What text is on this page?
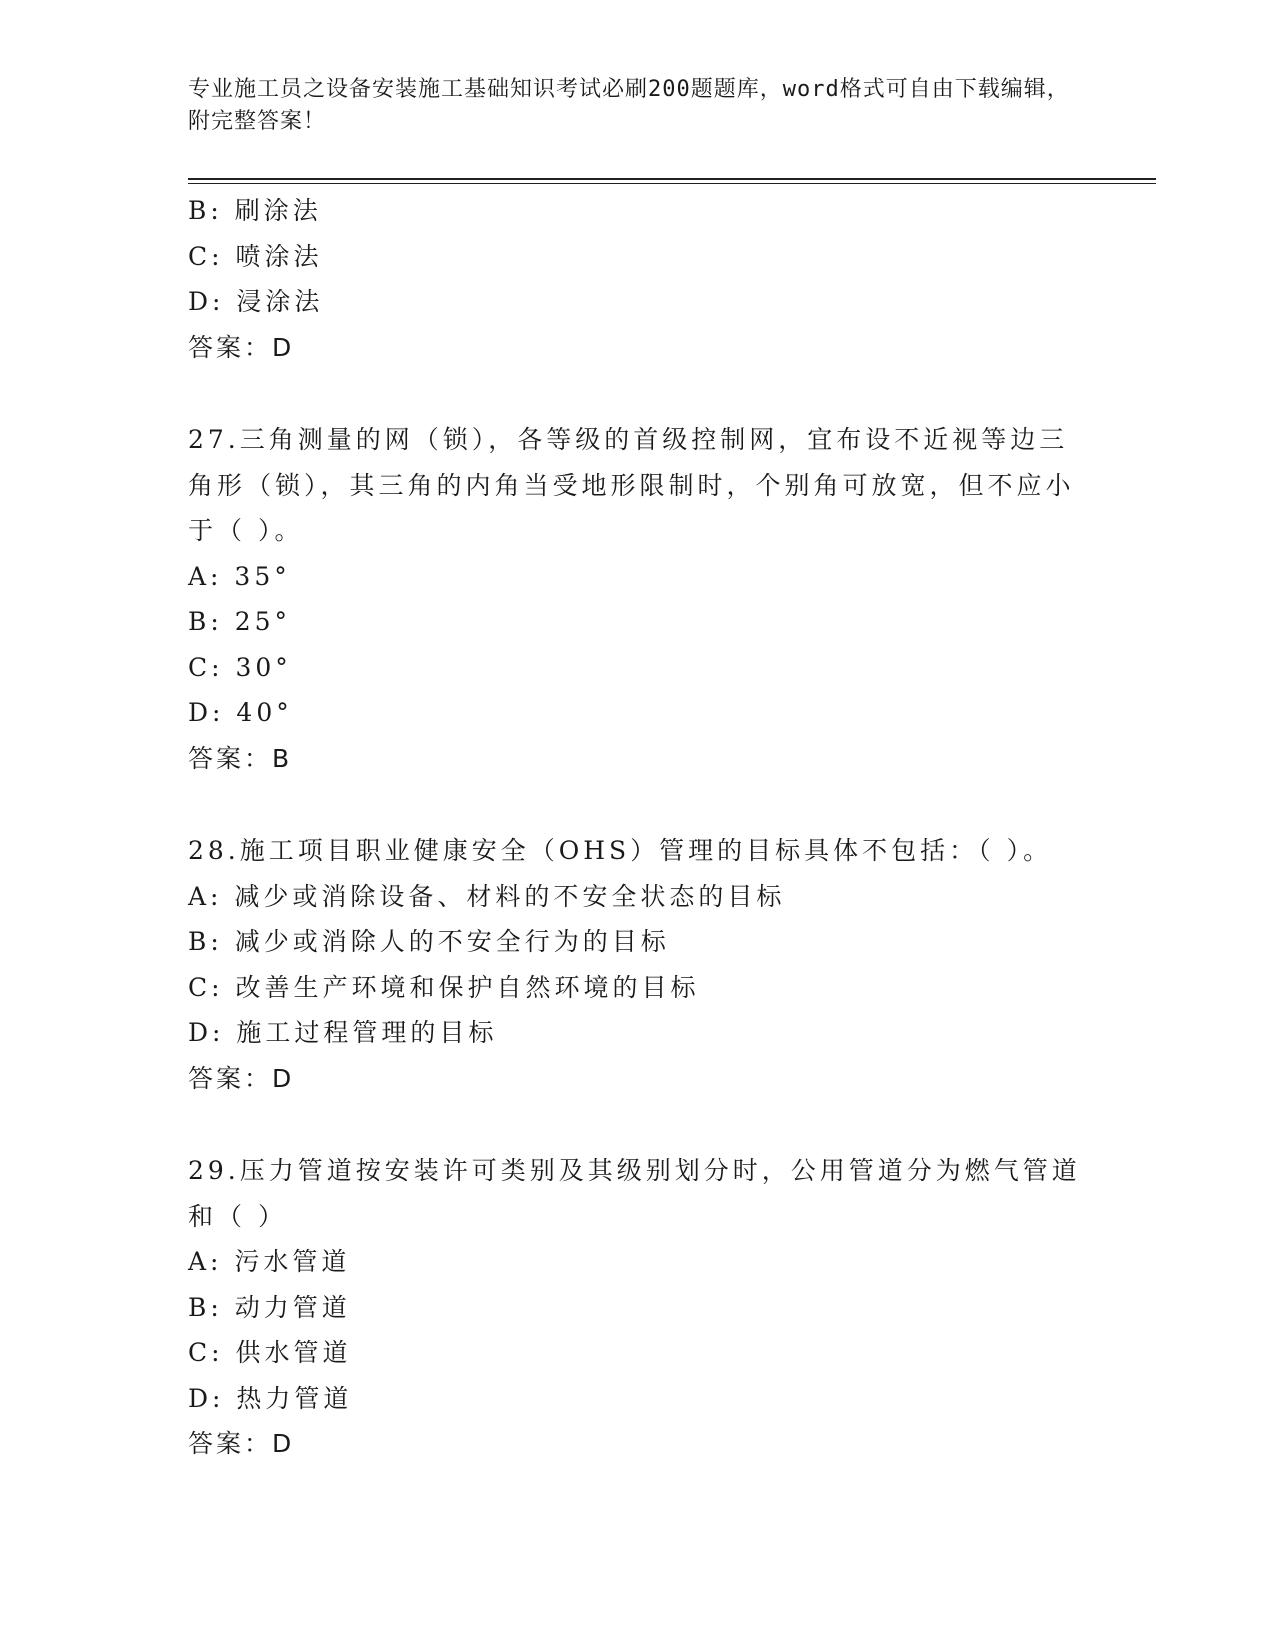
专业施工员之设备安装施工基础知识考试必刷200题题库，word格式可自由下载编辑，附完整答案！
B: 刷涂法
C: 喷涂法
D: 浸涂法
答案：D
27.三角测量的网（锁），各等级的首级控制网，宜布设不近视等边三角形（锁），其三角的内角当受地形限制时，个别角可放宽，但不应小于（ ）。
A: 35°
B: 25°
C: 30°
D: 40°
答案：B
28.施工项目职业健康安全（OHS）管理的目标具体不包括：（ ）。
A: 减少或消除设备、材料的不安全状态的目标
B: 减少或消除人的不安全行为的目标
C: 改善生产环境和保护自然环境的目标
D: 施工过程管理的目标
答案：D
29.压力管道按安装许可类别及其级别划分时，公用管道分为燃气管道和（ ）
A: 污水管道
B: 动力管道
C: 供水管道
D: 热力管道
答案：D
